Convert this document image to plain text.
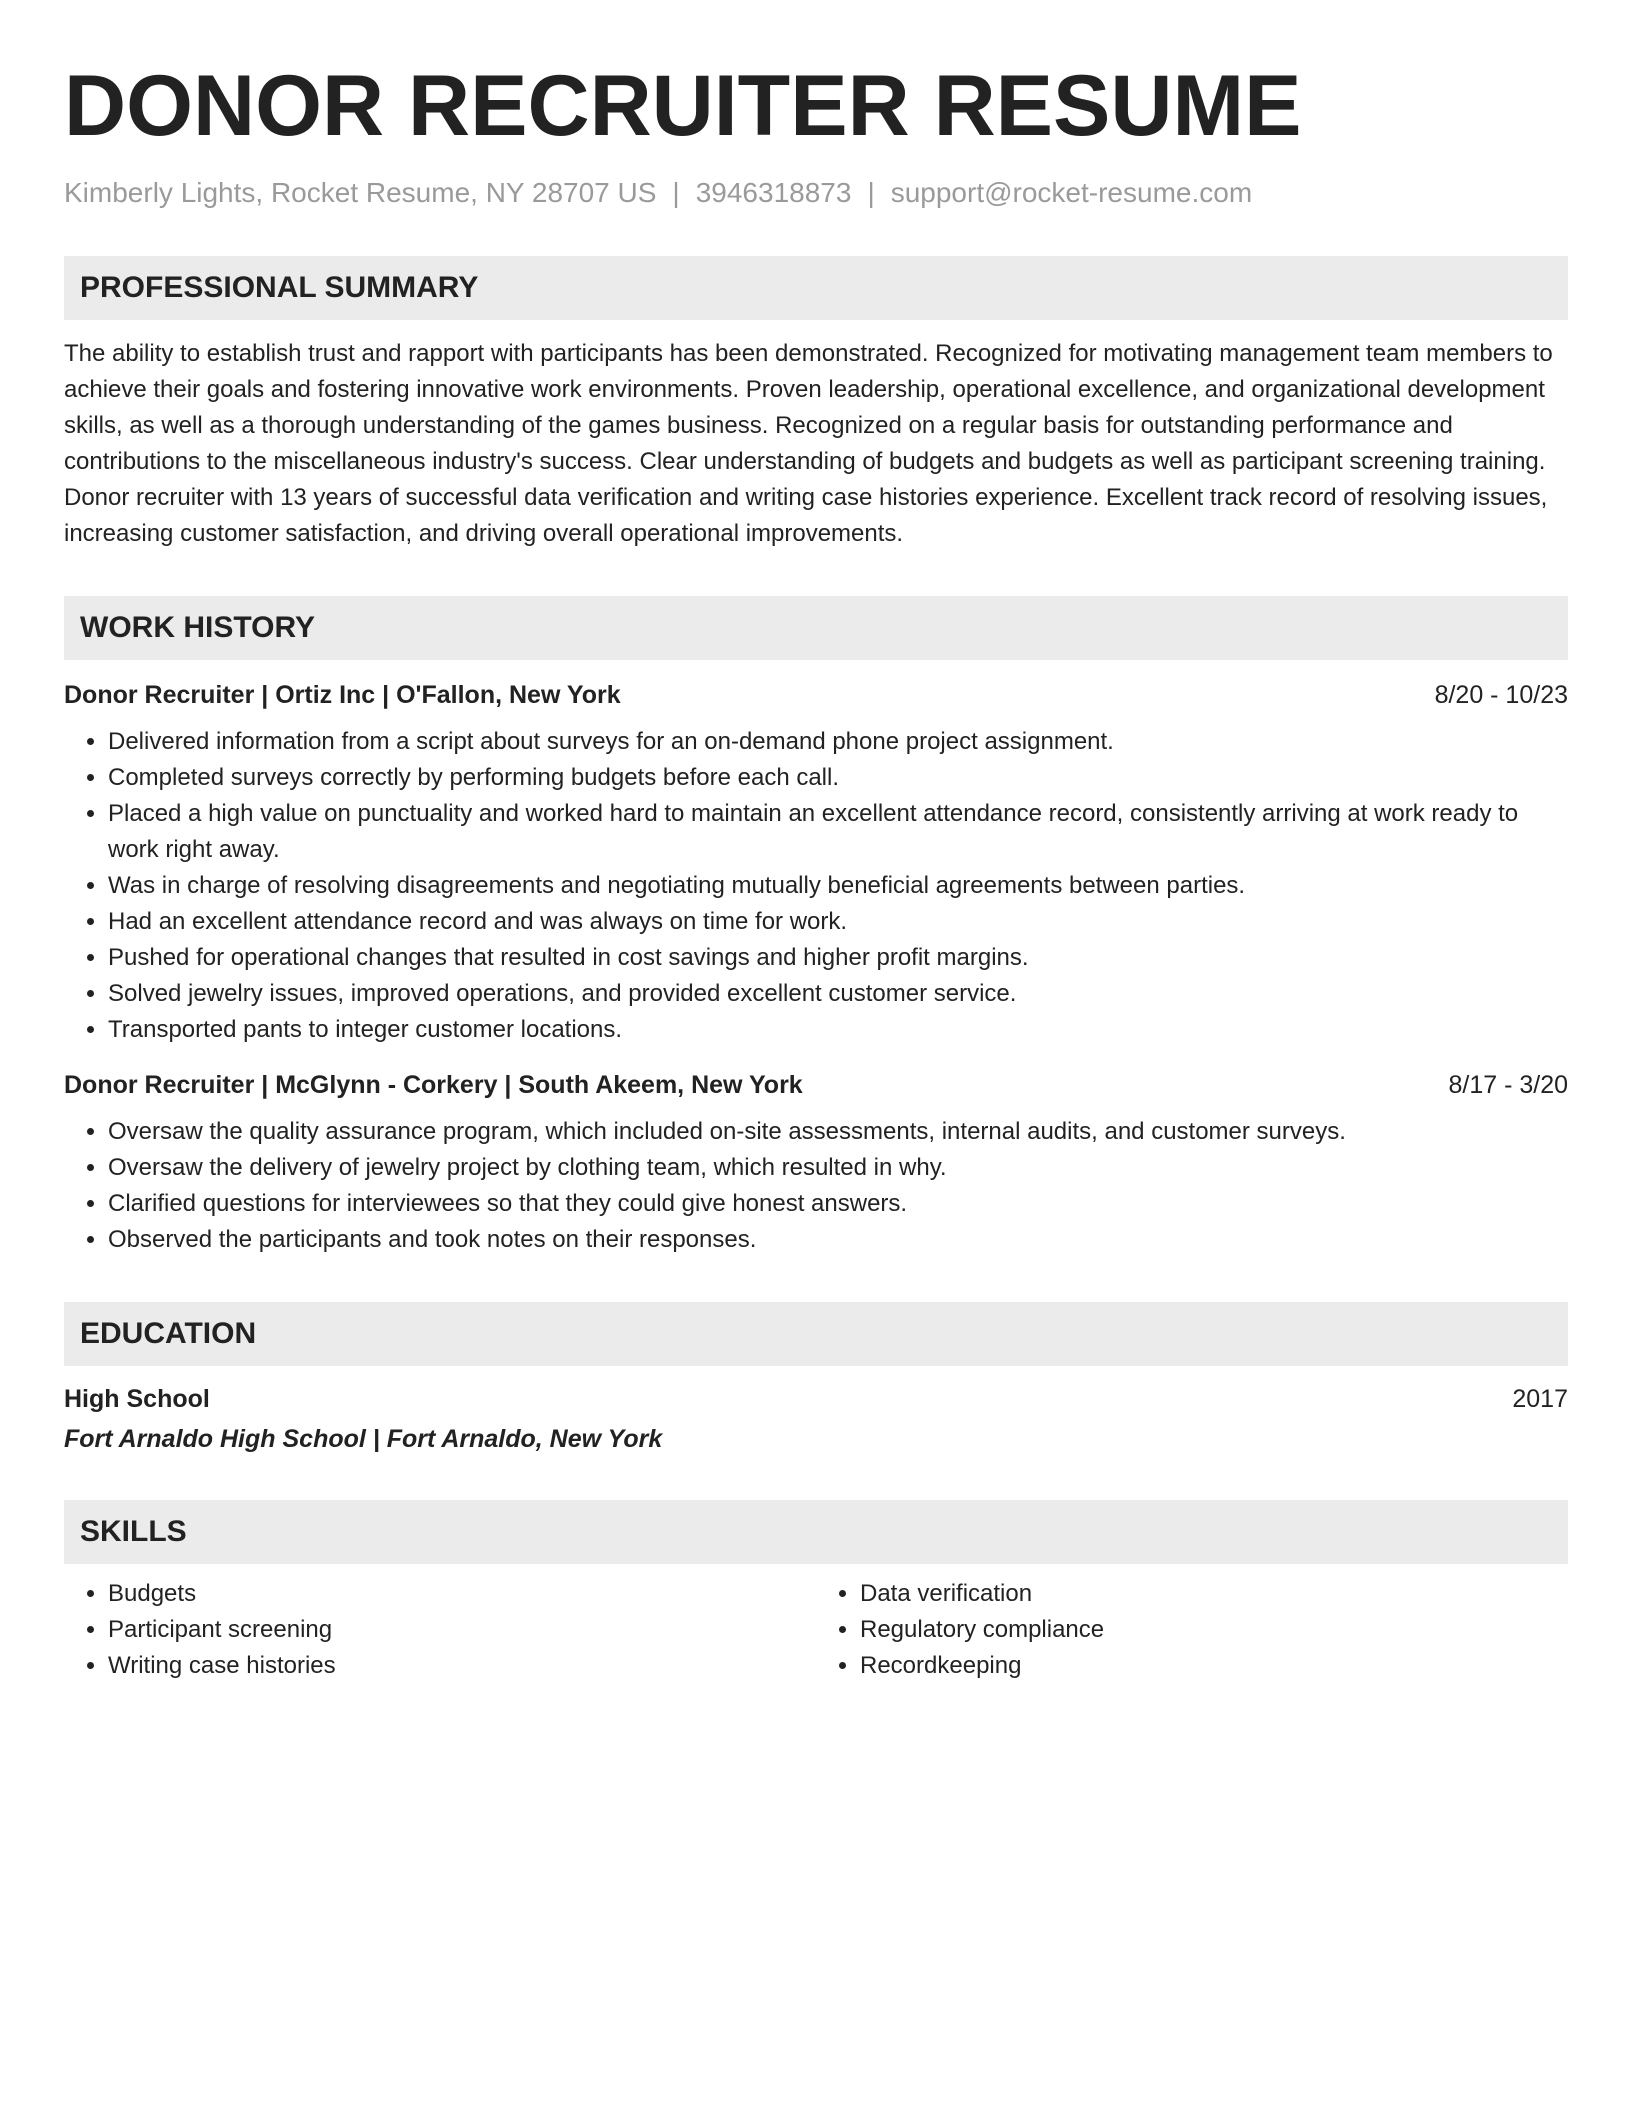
DONOR RECRUITER RESUME
Kimberly Lights, Rocket Resume, NY 28707 US | 3946318873 | support@rocket-resume.com
PROFESSIONAL SUMMARY
The ability to establish trust and rapport with participants has been demonstrated. Recognized for motivating management team members to achieve their goals and fostering innovative work environments. Proven leadership, operational excellence, and organizational development skills, as well as a thorough understanding of the games business. Recognized on a regular basis for outstanding performance and contributions to the miscellaneous industry's success. Clear understanding of budgets and budgets as well as participant screening training. Donor recruiter with 13 years of successful data verification and writing case histories experience. Excellent track record of resolving issues, increasing customer satisfaction, and driving overall operational improvements.
WORK HISTORY
Donor Recruiter | Ortiz Inc | O'Fallon, New York	8/20 - 10/23
• Delivered information from a script about surveys for an on-demand phone project assignment.
• Completed surveys correctly by performing budgets before each call.
• Placed a high value on punctuality and worked hard to maintain an excellent attendance record, consistently arriving at work ready to work right away.
• Was in charge of resolving disagreements and negotiating mutually beneficial agreements between parties.
• Had an excellent attendance record and was always on time for work.
• Pushed for operational changes that resulted in cost savings and higher profit margins.
• Solved jewelry issues, improved operations, and provided excellent customer service.
• Transported pants to integer customer locations.
Donor Recruiter | McGlynn - Corkery | South Akeem, New York	8/17 - 3/20
• Oversaw the quality assurance program, which included on-site assessments, internal audits, and customer surveys.
• Oversaw the delivery of jewelry project by clothing team, which resulted in why.
• Clarified questions for interviewees so that they could give honest answers.
• Observed the participants and took notes on their responses.
EDUCATION
High School	2017
Fort Arnaldo High School | Fort Arnaldo, New York
SKILLS
• Budgets
• Participant screening
• Writing case histories
• Data verification
• Regulatory compliance
• Recordkeeping
